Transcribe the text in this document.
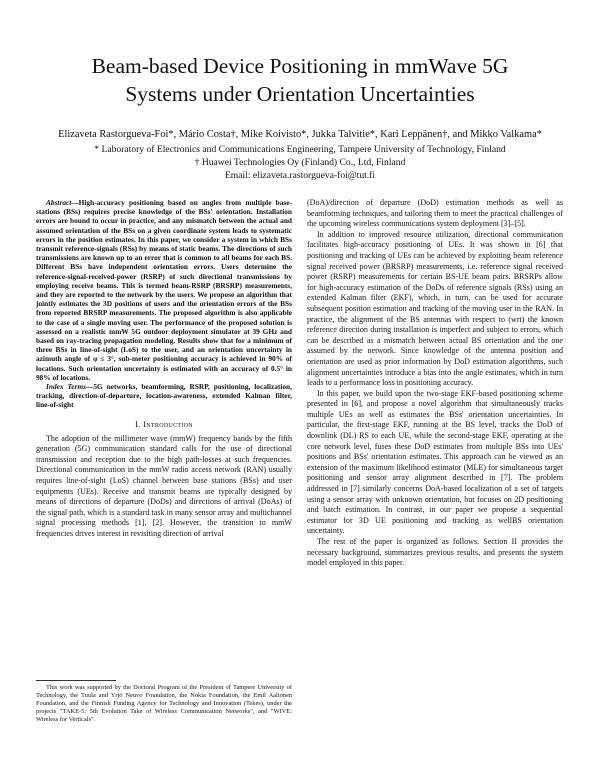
Beam-based Device Positioning in mmWave 5G
Systems under Orientation Uncertainties
Elizaveta Rastorgueva-Foi*, Mário Costa†, Mike Koivisto*, Jukka Talvitie*, Kari Leppänen†, and Mikko Valkama*
* Laboratory of Electronics and Communications Engineering, Tampere University of Technology, Finland
† Huawei Technologies Oy (Finland) Co., Ltd, Finland
Email: elizaveta.rastorgueva-foi@tut.fi

Abstract—High-accuracy positioning based on angles from multiple base-stations (BSs) requires precise knowledge of the BSs' orientation. Installation errors are bound to occur in practice, and any mismatch between the actual and assumed orientation of the BSs on a given coordinate system leads to systematic errors in the position estimates. In this paper, we consider a system in which BSs transmit reference-signals (RSs) by means of static beams. The directions of such transmissions are known up to an error that is common to all beams for each BS. Different BSs have independent orientation errors. Users determine the reference-signal-received-power (RSRP) of such directional transmissions by employing receive beams. This is termed beam-RSRP (BRSRP) measurements, and they are reported to the network by the users. We propose an algorithm that jointly estimates the 3D positions of users and the orientation errors of the BSs from reported BRSRP measurements. The proposed algorithm is also applicable to the case of a single moving user. The performance of the proposed solution is assessed on a realistic mmW 5G outdoor deployment simulator at 39 GHz and based on ray-tracing propagation modeling. Results show that for a minimum of three BSs in line-of-sight (LoS) to the user, and an orientation uncertainty in azimuth angle of φ ≤ 3°, sub-meter positioning accuracy is achieved in 90% of locations. Such orientation uncertainty is estimated with an accuracy of 0.5° in 98% of locations.

Index Terms—5G networks, beamforming, RSRP, positioning, localization, tracking, direction-of-departure, location-awareness, extended Kalman filter, line-of-sight

I. Introduction

The adoption of the millimeter wave (mmW) frequency bands by the fifth generation (5G) communication standard calls for the use of directional transmission and reception due to the high path-losses at such frequencies. Directional communication in the mmW radio access network (RAN) usually requires line-of-sight (LoS) channel between base stations (BSs) and user equipments (UEs). Receive and transmit beams are typically designed by means of directions of departure (DoDs) and directions of arrival (DoAs) of the signal path, which is a standard task in many sensor array and multichannel signal processing methods [1], [2]. However, the transition to mmW frequencies drives interest in revisiting direction of arrival

This work was supported by the Doctoral Program of the President of Tampere University of Technology, the Tuula and Yrjö Neuvo Foundation, the Nokia Foundation, the Emil Aaltonen Foundation, and the Finnish Funding Agency for Technology and Innovation (Tekes), under the projects "TAKE-5: 5th Evolution Take of Wireless Communication Networks", and "WIVE: Wireless for Verticals".

(DoA)/direction of departure (DoD) estimation methods as well as beamforming techniques, and tailoring them to meet the practical challenges of the upcoming wireless communications system deployment [3]–[5].

In addition to improved resource utilization, directional communication facilitates high-accuracy positioning of UEs. It was shown in [6] that positioning and tracking of UEs can be achieved by exploiting beam reference signal received power (BRSRP) measurements, i.e. reference signal received power (RSRP) measurements for certain BS-UE beam pairs. BRSRPs allow for high-accuracy estimation of the DoDs of reference signals (RSs) using an extended Kalman filter (EKF), which, in turn, can be used for accurate subsequent position estimation and tracking of the moving user in the RAN. In practice, the alignment of the BS antennas with respect to (wrt) the known reference direction during installation is imperfect and subject to errors, which can be described as a mismatch between actual BS orientation and the one assumed by the network. Since knowledge of the antenna position and orientation are used as prior information by DoD estimation algorithms, such alignment uncertainties introduce a bias into the angle estimates, which in turn leads to a performance loss in positioning accuracy.

In this paper, we build upon the two-stage EKF-based positioning scheme presented in [6], and propose a novel algorithm that simultaneously tracks multiple UEs as well as estimates the BSs' orientation uncertainties. In particular, the first-stage EKF, running at the BS level, tracks the DoD of downlink (DL) RS to each UE, while the second-stage EKF, operating at the core network level, fuses these DoD estimates from multiple BSs into UEs' positions and BSs' orientation estimates. This approach can be viewed as an extension of the maximum likelihood estimator (MLE) for simultaneous target positioning and sensor array alignment described in [7]. The problem addressed in [7] similarly concerns DoA-based localization of a set of targets using a sensor array with unknown orientation, but focuses on 2D positioning and batch estimation. In contrast, in our paper we propose a sequential estimator for 3D UE positioning and tracking as wellBS orientation uncertainty.

The rest of the paper is organized as follows. Section II provides the necessary background, summarizes previous results, and presents the system model employed in this paper.
